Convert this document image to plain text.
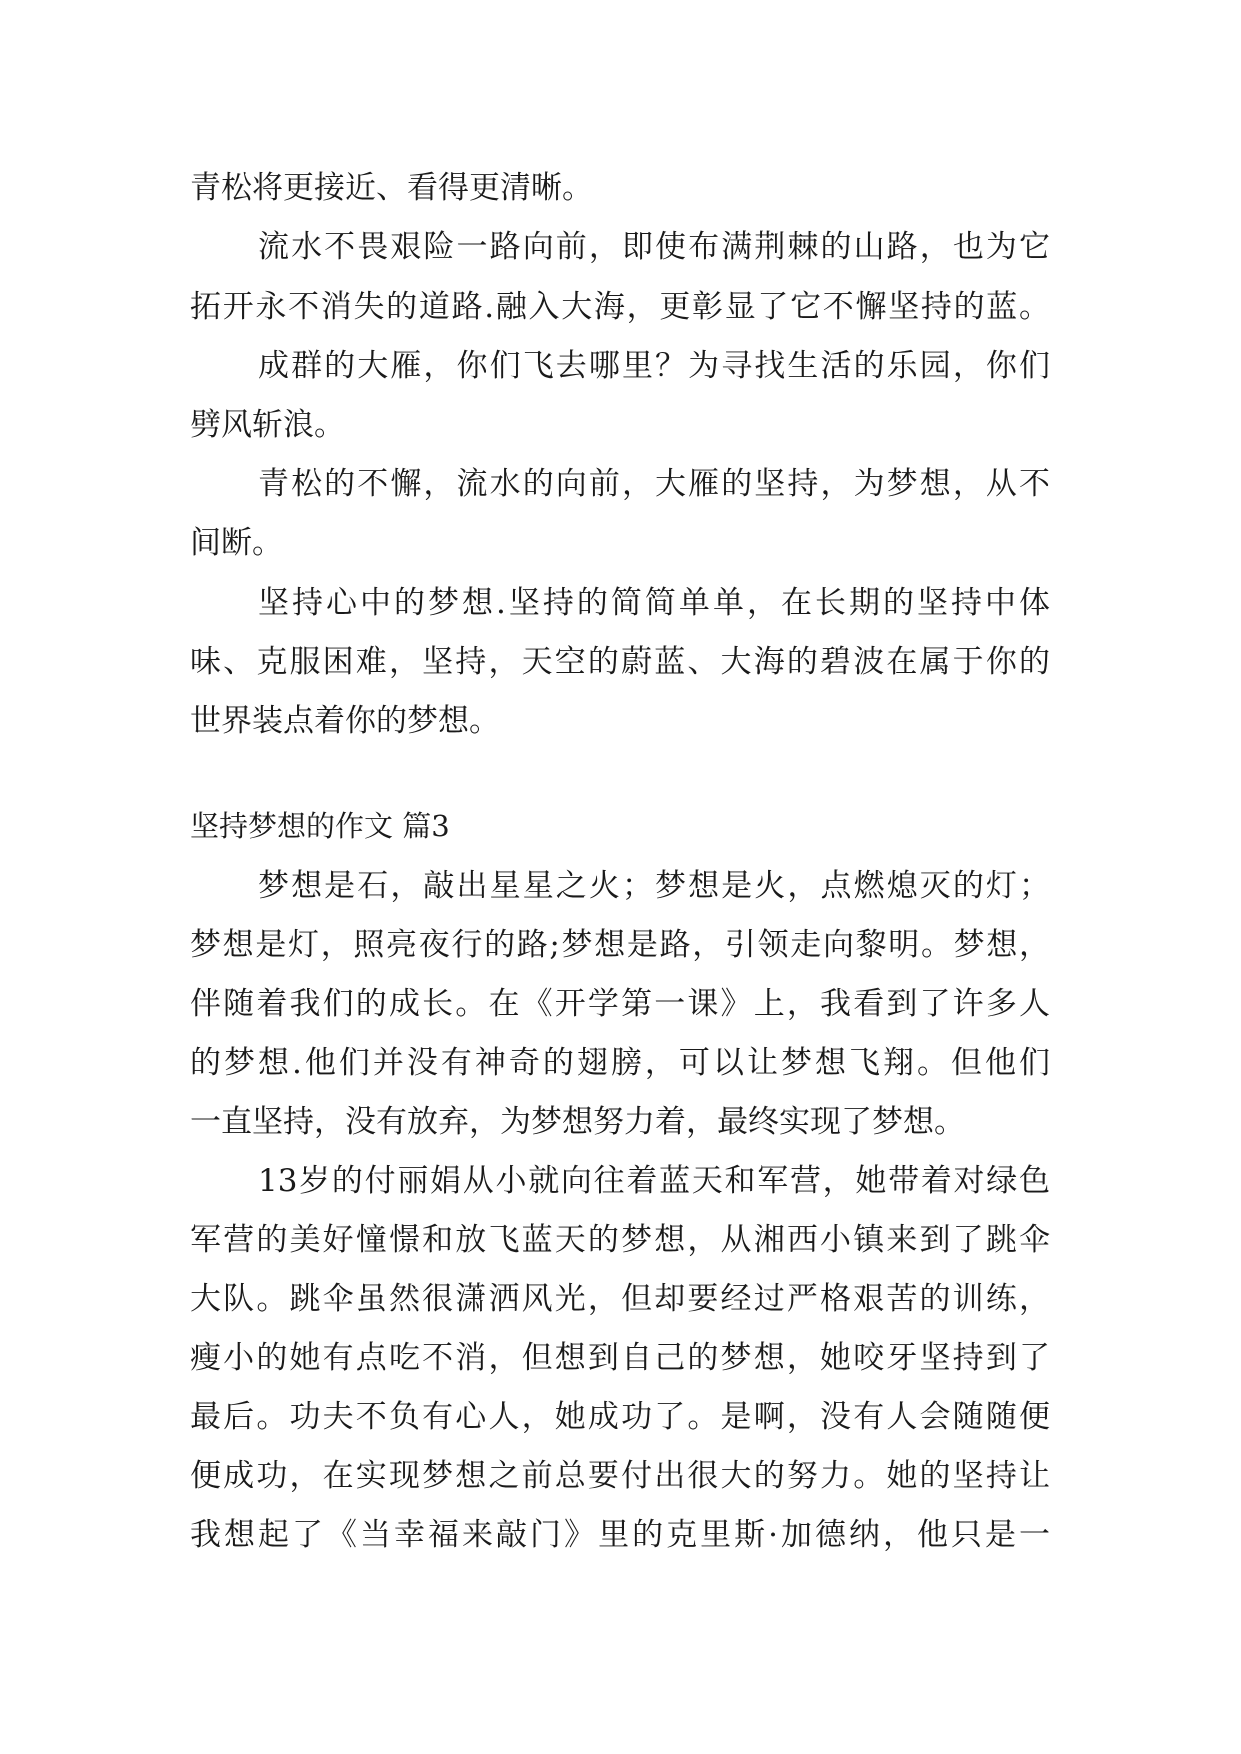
青松将更接近、看得更清晰。
流水不畏艰险一路向前，即使布满荆棘的山路，也为它
拓开永不消失的道路.融入大海，更彰显了它不懈坚持的蓝。
成群的大雁，你们飞去哪里？为寻找生活的乐园，你们
劈风斩浪。
青松的不懈，流水的向前，大雁的坚持，为梦想，从不
间断。
坚持心中的梦想.坚持的简简单单，在长期的坚持中体
味、克服困难，坚持，天空的蔚蓝、大海的碧波在属于你的
世界装点着你的梦想。
坚持梦想的作文 篇3
梦想是石，敲出星星之火；梦想是火，点燃熄灭的灯；
梦想是灯，照亮夜行的路;梦想是路，引领走向黎明。梦想，
伴随着我们的成长。在《开学第一课》上，我看到了许多人
的梦想.他们并没有神奇的翅膀，可以让梦想飞翔。但他们
一直坚持，没有放弃，为梦想努力着，最终实现了梦想。
13岁的付丽娟从小就向往着蓝天和军营，她带着对绿色
军营的美好憧憬和放飞蓝天的梦想，从湘西小镇来到了跳伞
大队。跳伞虽然很潇洒风光，但却要经过严格艰苦的训练，
瘦小的她有点吃不消，但想到自己的梦想，她咬牙坚持到了
最后。功夫不负有心人，她成功了。是啊，没有人会随随便
便成功，在实现梦想之前总要付出很大的努力。她的坚持让
我想起了《当幸福来敲门》里的克里斯·加德纳，他只是一
